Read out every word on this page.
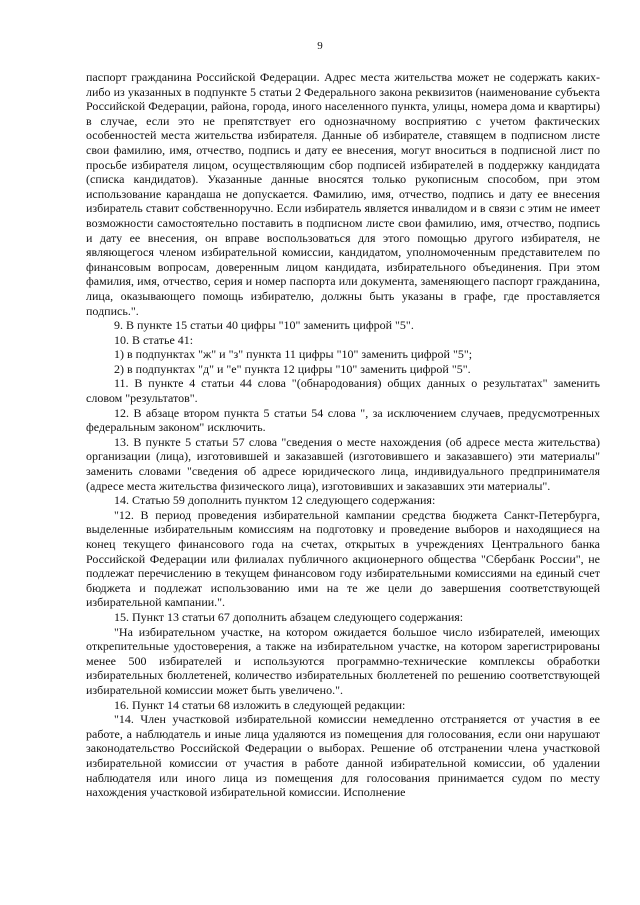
9

паспорт гражданина Российской Федерации. Адрес места жительства может не содержать каких-либо из указанных в подпункте 5 статьи 2 Федерального закона реквизитов (наименование субъекта Российской Федерации, района, города, иного населенного пункта, улицы, номера дома и квартиры) в случае, если это не препятствует его однозначному восприятию с учетом фактических особенностей места жительства избирателя. Данные об избирателе, ставящем в подписном листе свои фамилию, имя, отчество, подпись и дату ее внесения, могут вноситься в подписной лист по просьбе избирателя лицом, осуществляющим сбор подписей избирателей в поддержку кандидата (списка кандидатов). Указанные данные вносятся только рукописным способом, при этом использование карандаша не допускается. Фамилию, имя, отчество, подпись и дату ее внесения избиратель ставит собственноручно. Если избиратель является инвалидом и в связи с этим не имеет возможности самостоятельно поставить в подписном листе свои фамилию, имя, отчество, подпись и дату ее внесения, он вправе воспользоваться для этого помощью другого избирателя, не являющегося членом избирательной комиссии, кандидатом, уполномоченным представителем по финансовым вопросам, доверенным лицом кандидата, избирательного объединения. При этом фамилия, имя, отчество, серия и номер паспорта или документа, заменяющего паспорт гражданина, лица, оказывающего помощь избирателю, должны быть указаны в графе, где проставляется подпись.".

9. В пункте 15 статьи 40 цифры "10" заменить цифрой "5".

10. В статье 41:

1) в подпунктах "ж" и "з" пункта 11 цифры "10" заменить цифрой "5";

2) в подпунктах "д" и "е" пункта 12 цифры "10" заменить цифрой "5".

11. В пункте 4 статьи 44 слова "(обнародования) общих данных о результатах" заменить словом "результатов".

12. В абзаце втором пункта 5 статьи 54 слова ", за исключением случаев, предусмотренных федеральным законом" исключить.

13. В пункте 5 статьи 57 слова "сведения о месте нахождения (об адресе места жительства) организации (лица), изготовившей и заказавшей (изготовившего и заказавшего) эти материалы" заменить словами "сведения об адресе юридического лица, индивидуального предпринимателя (адресе места жительства физического лица), изготовивших и заказавших эти материалы".

14. Статью 59 дополнить пунктом 12 следующего содержания:

"12. В период проведения избирательной кампании средства бюджета Санкт-Петербурга, выделенные избирательным комиссиям на подготовку и проведение выборов и находящиеся на конец текущего финансового года на счетах, открытых в учреждениях Центрального банка Российской Федерации или филиалах публичного акционерного общества "Сбербанк России", не подлежат перечислению в текущем финансовом году избирательными комиссиями на единый счет бюджета и подлежат использованию ими на те же цели до завершения соответствующей избирательной кампании.".

15. Пункт 13 статьи 67 дополнить абзацем следующего содержания:

"На избирательном участке, на котором ожидается большое число избирателей, имеющих открепительные удостоверения, а также на избирательном участке, на котором зарегистрированы менее 500 избирателей и используются программно-технические комплексы обработки избирательных бюллетеней, количество избирательных бюллетеней по решению соответствующей избирательной комиссии может быть увеличено.".

16. Пункт 14 статьи 68 изложить в следующей редакции:

"14. Член участковой избирательной комиссии немедленно отстраняется от участия в ее работе, а наблюдатель и иные лица удаляются из помещения для голосования, если они нарушают законодательство Российской Федерации о выборах. Решение об отстранении члена участковой избирательной комиссии от участия в работе данной избирательной комиссии, об удалении наблюдателя или иного лица из помещения для голосования принимается судом по месту нахождения участковой избирательной комиссии. Исполнение
